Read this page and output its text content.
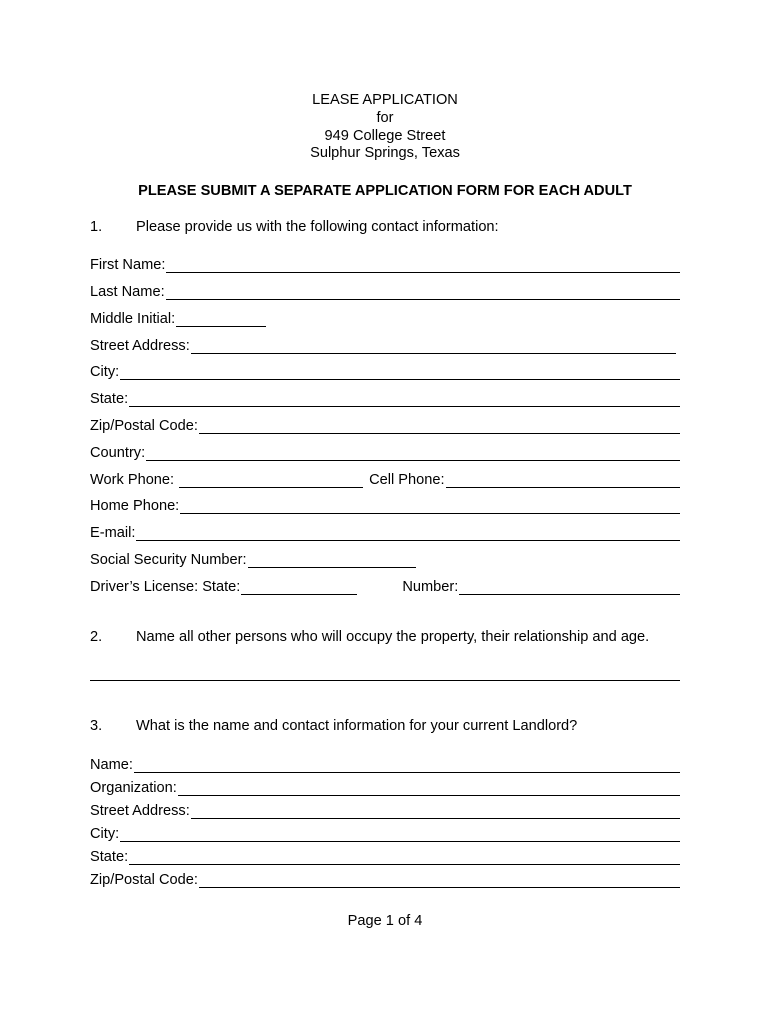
LEASE APPLICATION
for
949 College Street
Sulphur Springs, Texas
PLEASE SUBMIT A SEPARATE APPLICATION FORM FOR EACH ADULT
1. Please provide us with the following contact information:
First Name:
Last Name:
Middle Initial:
Street Address:
City:
State:
Zip/Postal Code:
Country:
Work Phone:	Cell Phone:
Home Phone:
E-mail:
Social Security Number:
Driver’s License: State:	Number:
2. Name all other persons who will occupy the property, their relationship and age.
3. What is the name and contact information for your current Landlord?
Name:
Organization:
Street Address:
City:
State:
Zip/Postal Code:
Page 1 of 4
